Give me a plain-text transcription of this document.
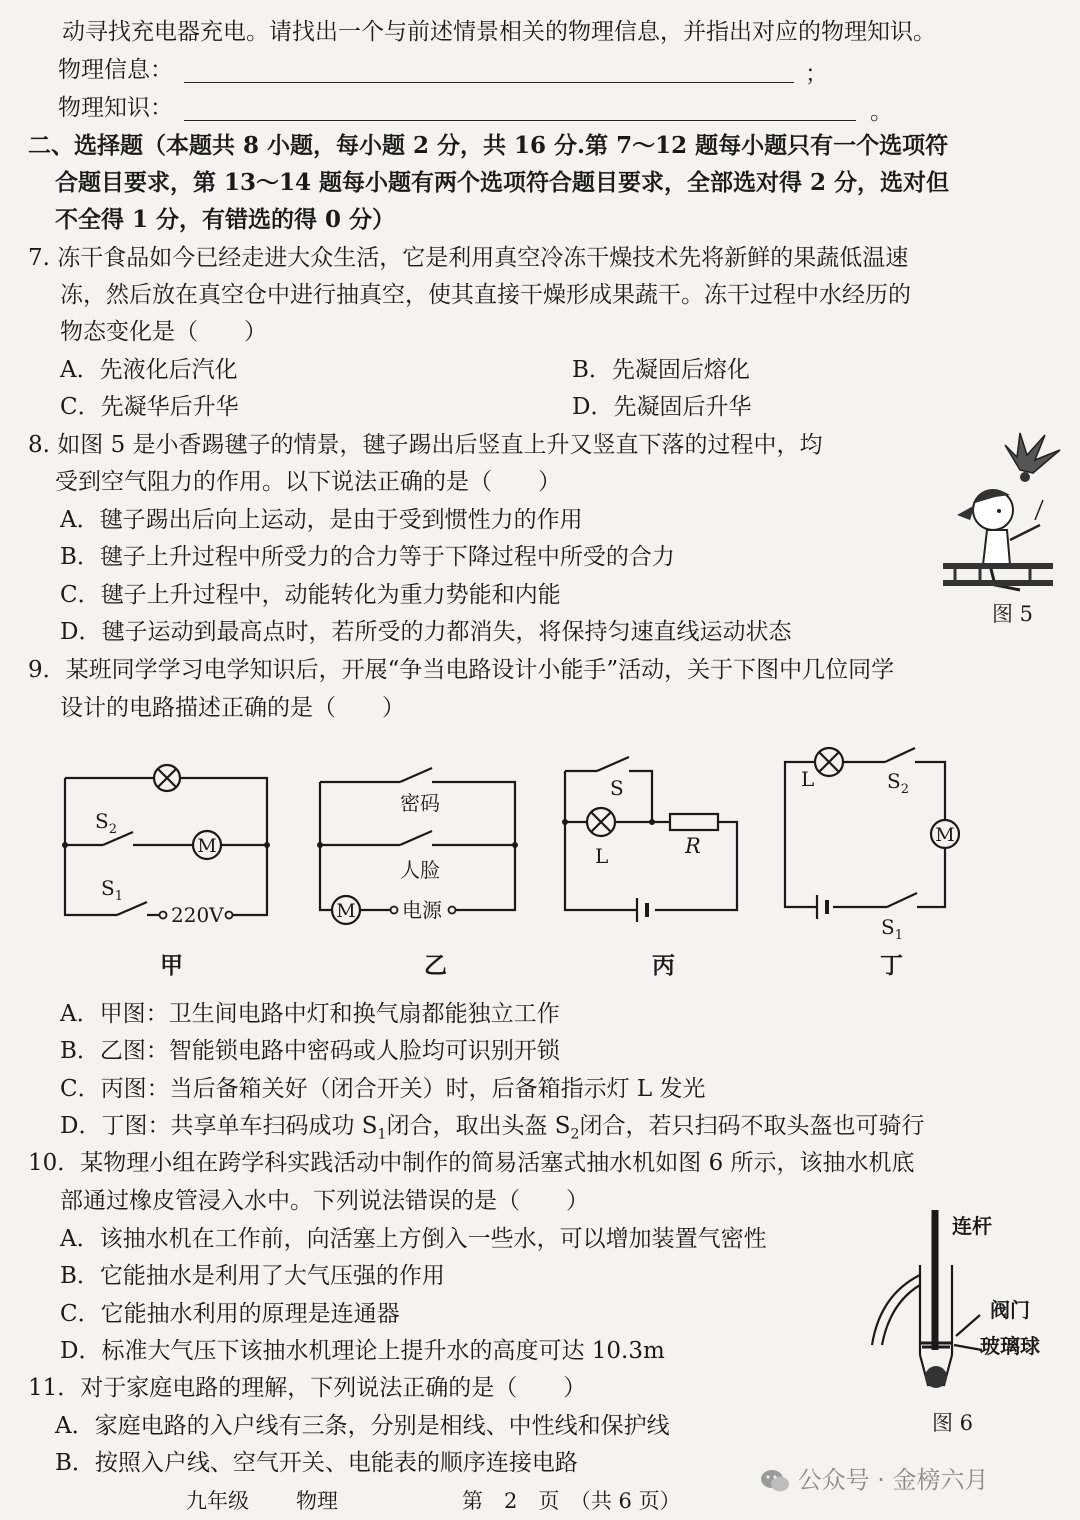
动寻找充电器充电。请找出一个与前述情景相关的物理信息，并指出对应的物理知识。
物理信息：	；
物理知识：	。
二、选择题（本题共 8 小题，每小题 2 分，共 16 分.第 7～12 题每小题只有一个选项符
合题目要求，第 13～14 题每小题有两个选项符合题目要求，全部选对得 2 分，选对但
不全得 1 分，有错选的得 0 分）
7. 冻干食品如今已经走进大众生活，它是利用真空冷冻干燥技术先将新鲜的果蔬低温速
冻，然后放在真空仓中进行抽真空，使其直接干燥形成果蔬干。冻干过程中水经历的
物态变化是（　　）
A．先液化后汽化	B．先凝固后熔化
C．先凝华后升华	D．先凝固后升华
8. 如图 5 是小香踢毽子的情景，毽子踢出后竖直上升又竖直下落的过程中，均
受到空气阻力的作用。以下说法正确的是（　　）
A．毽子踢出后向上运动，是由于受到惯性力的作用
B．毽子上升过程中所受力的合力等于下降过程中所受的合力
C．毽子上升过程中，动能转化为重力势能和内能
D．毽子运动到最高点时，若所受的力都消失，将保持匀速直线运动状态
图 5
9．某班同学学习电学知识后，开展“争当电路设计小能手”活动，关于下图中几位同学
设计的电路描述正确的是（　　）
M
$S_2$
$S_1$
220V	M
密码
人脸
电源
S
L	R	M
L	$S_2$
$S_1$
甲	乙	丙	丁
A．甲图：卫生间电路中灯和换气扇都能独立工作
B．乙图：智能锁电路中密码或人脸均可识别开锁
C．丙图：当后备箱关好（闭合开关）时，后备箱指示灯 L 发光
D．丁图：共享单车扫码成功 $S_1$闭合，取出头盔 $S_2$闭合，若只扫码不取头盔也可骑行
10．某物理小组在跨学科实践活动中制作的简易活塞式抽水机如图 6 所示，该抽水机底
部通过橡皮管浸入水中。下列说法错误的是（　　）
A．该抽水机在工作前，向活塞上方倒入一些水，可以增加装置气密性
B．它能抽水是利用了大气压强的作用
C．它能抽水利用的原理是连通器
D．标准大气压下该抽水机理论上提升水的高度可达 10.3m
连杆
阀门
玻璃球
图 6
11．对于家庭电路的理解，下列说法正确的是（　　）
A．家庭电路的入户线有三条，分别是相线、中性线和保护线
B．按照入户线、空气开关、电能表的顺序连接电路
公众号 · 金榜六月
九年级 物理	第　2　页　（共 6 页）
